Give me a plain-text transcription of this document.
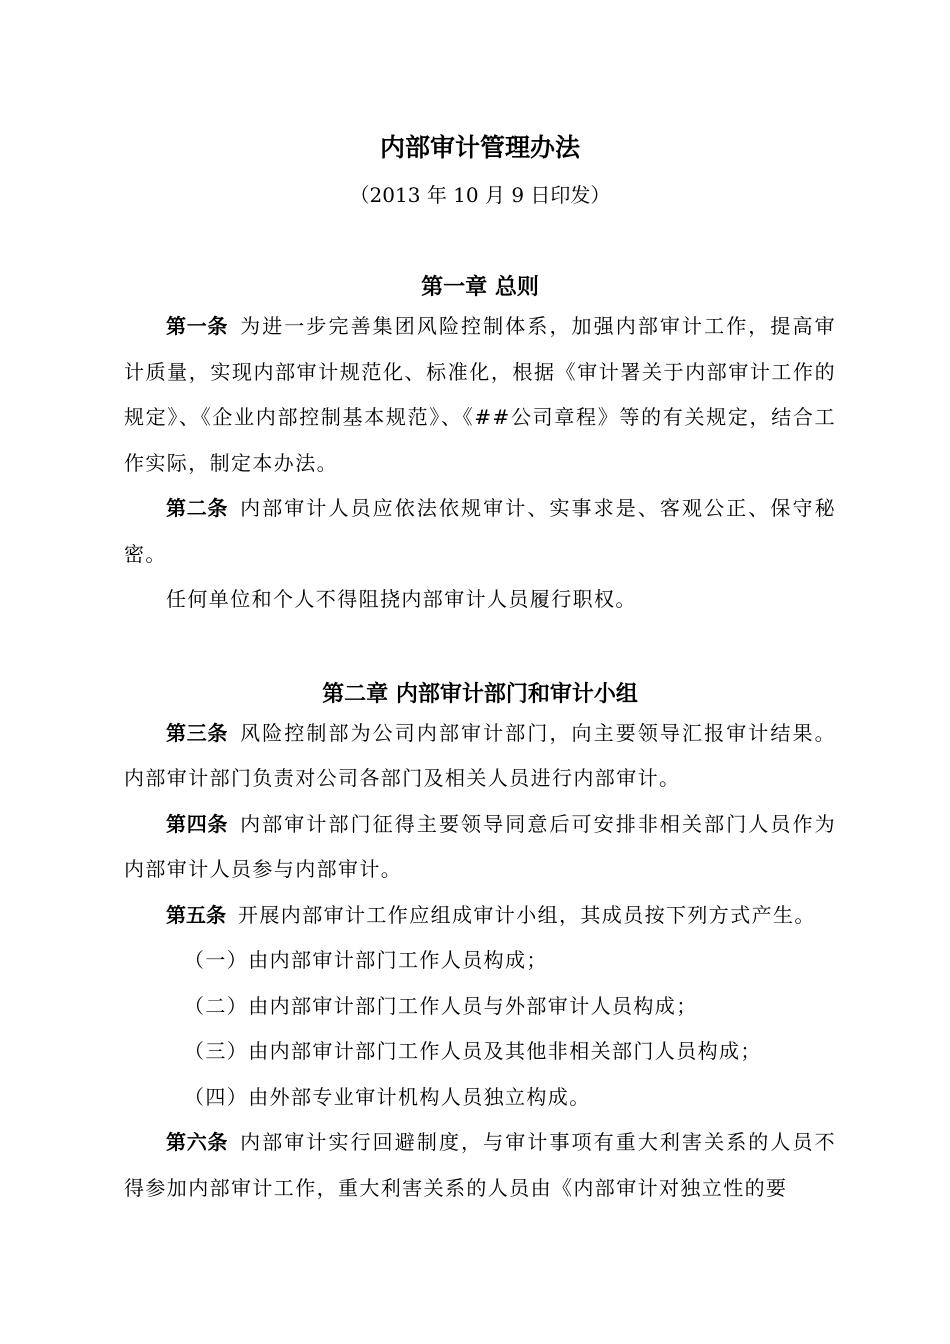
内部审计管理办法
（2013 年 10 月 9 日印发）
第一章 总则

第一条 为进一步完善集团风险控制体系，加强内部审计工作，提高审计质量，实现内部审计规范化、标准化，根据《审计署关于内部审计工作的规定》、《企业内部控制基本规范》、《##公司章程》等的有关规定，结合工作实际，制定本办法。

第二条 内部审计人员应依法依规审计、实事求是、客观公正、保守秘密。

任何单位和个人不得阻挠内部审计人员履行职权。

第二章 内部审计部门和审计小组

第三条 风险控制部为公司内部审计部门，向主要领导汇报审计结果。内部审计部门负责对公司各部门及相关人员进行内部审计。

第四条 内部审计部门征得主要领导同意后可安排非相关部门人员作为内部审计人员参与内部审计。

第五条 开展内部审计工作应组成审计小组，其成员按下列方式产生。

（一）由内部审计部门工作人员构成；

（二）由内部审计部门工作人员与外部审计人员构成；

（三）由内部审计部门工作人员及其他非相关部门人员构成；

（四）由外部专业审计机构人员独立构成。

第六条 内部审计实行回避制度，与审计事项有重大利害关系的人员不得参加内部审计工作，重大利害关系的人员由《内部审计对独立性的要
